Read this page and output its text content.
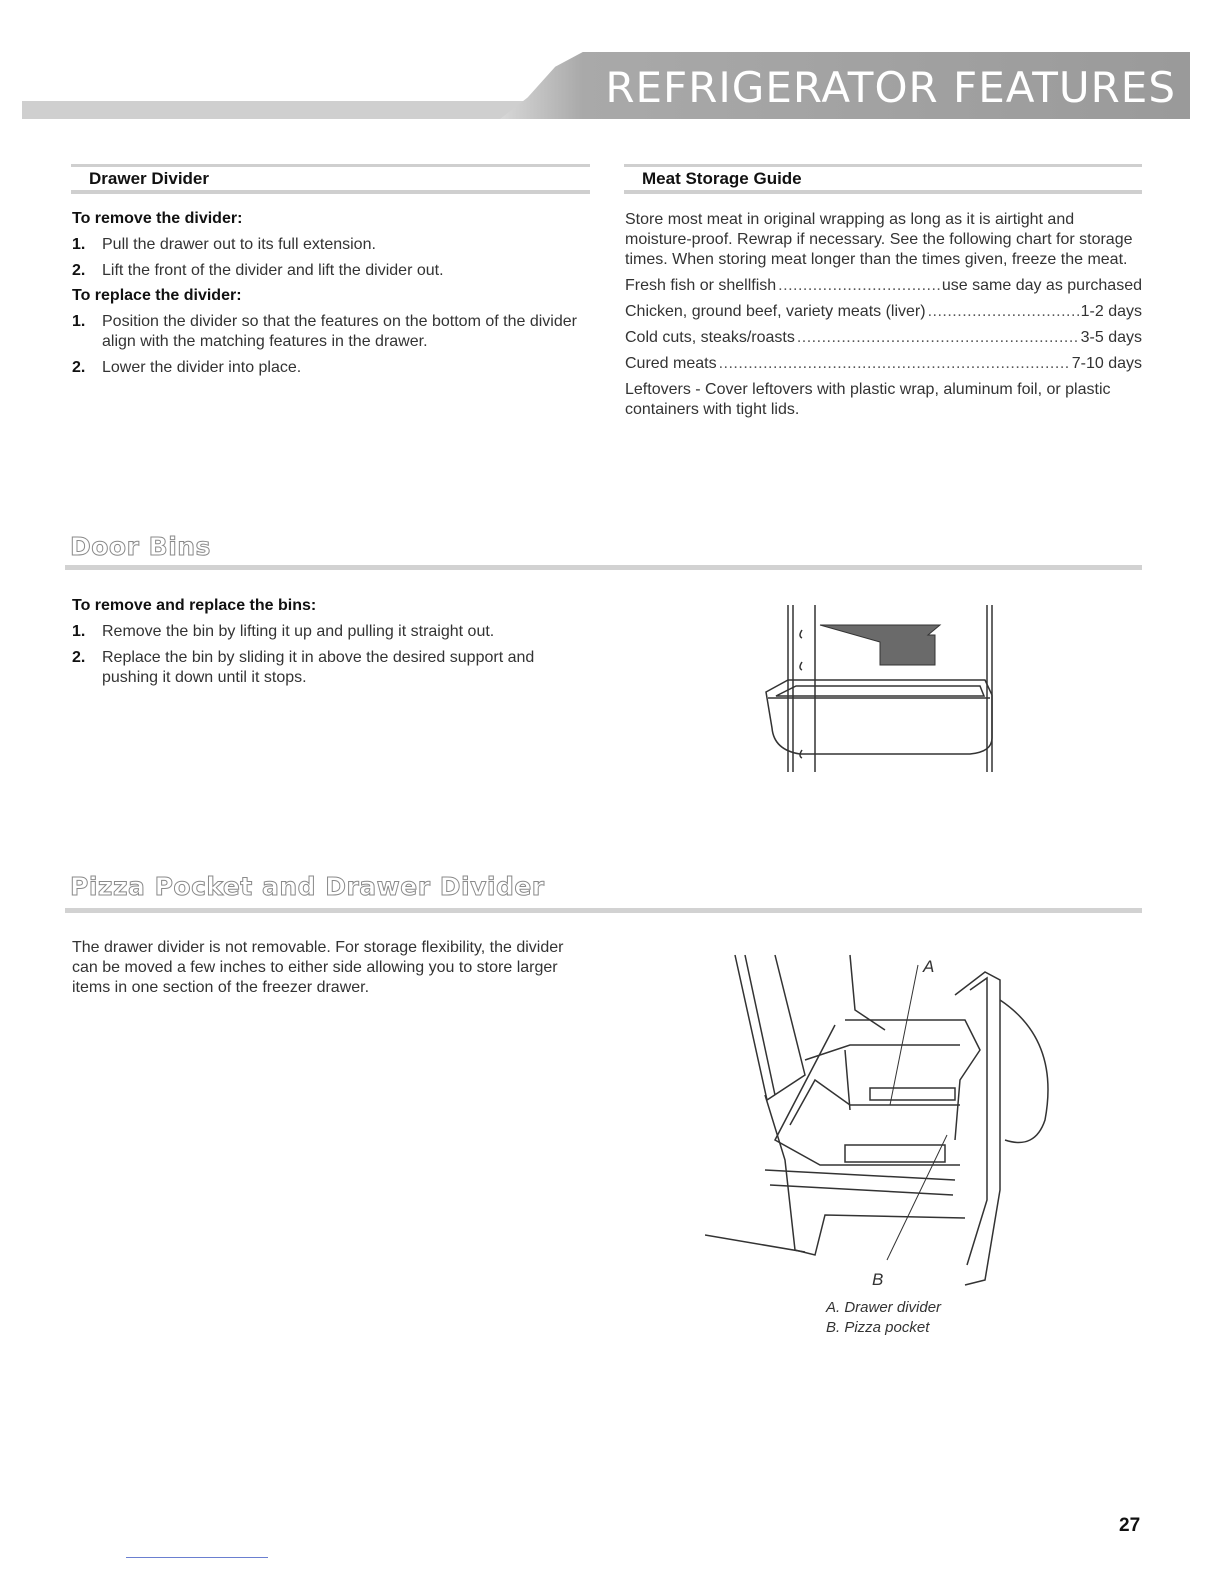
REFRIGERATOR FEATURES
Drawer Divider
To remove the divider:
1. Pull the drawer out to its full extension.
2. Lift the front of the divider and lift the divider out.
To replace the divider:
1. Position the divider so that the features on the bottom of the divider align with the matching features in the drawer.
2. Lower the divider into place.
Meat Storage Guide
Store most meat in original wrapping as long as it is airtight and moisture-proof. Rewrap if necessary. See the following chart for storage times. When storing meat longer than the times given, freeze the meat.
Fresh fish or shellfish .....	use same day as purchased
Chicken, ground beef, variety meats (liver) .....	1-2 days
Cold cuts, steaks/roasts .....	3-5 days
Cured meats .....	7-10 days
Leftovers - Cover leftovers with plastic wrap, aluminum foil, or plastic containers with tight lids.
Door Bins
To remove and replace the bins:
1. Remove the bin by lifting it up and pulling it straight out.
2. Replace the bin by sliding it in above the desired support and pushing it down until it stops.
Pizza Pocket and Drawer Divider
The drawer divider is not removable. For storage flexibility, the divider can be moved a few inches to either side allowing you to store larger items in one section of the freezer drawer.
A
B
A. Drawer divider
B. Pizza pocket
27
